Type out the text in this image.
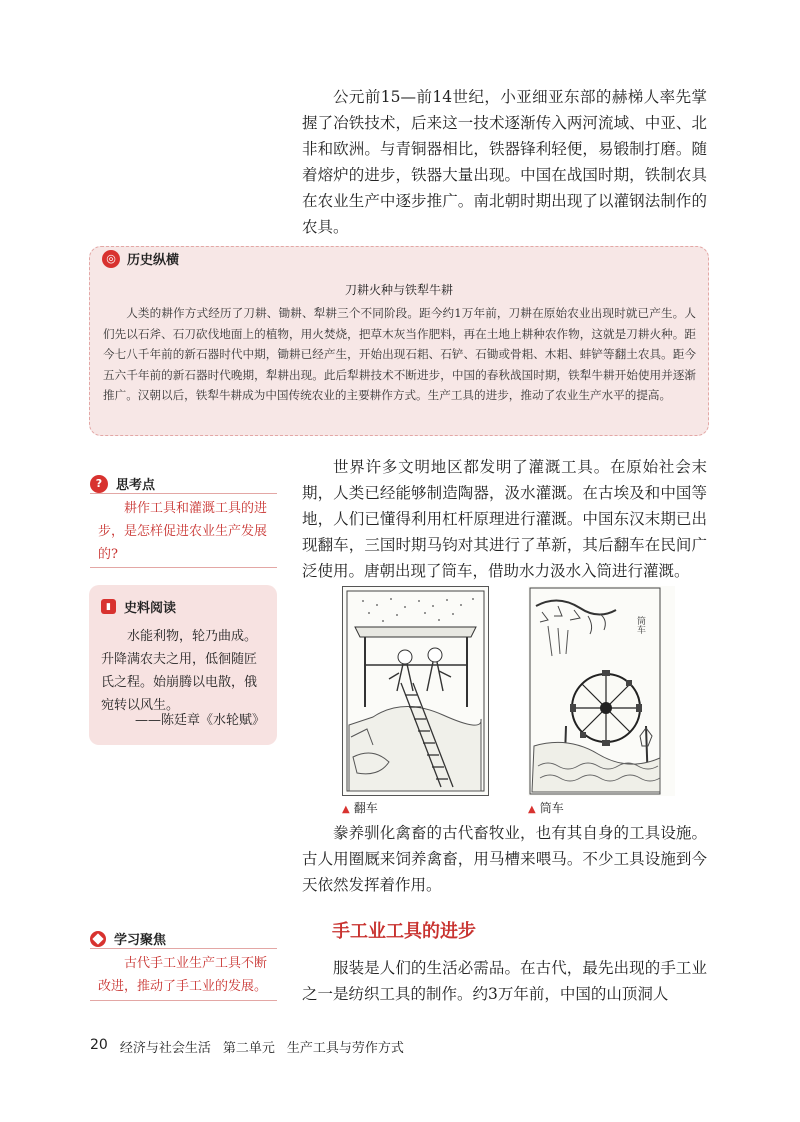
公元前15—前14世纪，小亚细亚东部的赫梯人率先掌握了冶铁技术，后来这一技术逐渐传入两河流域、中亚、北非和欧洲。与青铜器相比，铁器锋利轻便，易锻制打磨。随着熔炉的进步，铁器大量出现。中国在战国时期，铁制农具在农业生产中逐步推广。南北朝时期出现了以灌钢法制作的农具。

◎ 历史纵横
刀耕火种与铁犁牛耕

人类的耕作方式经历了刀耕、锄耕、犁耕三个不同阶段。距今约1万年前，刀耕在原始农业出现时就已产生。人们先以石斧、石刀砍伐地面上的植物，用火焚烧，把草木灰当作肥料，再在土地上耕种农作物，这就是刀耕火种。距今七八千年前的新石器时代中期，锄耕已经产生，开始出现石耜、石铲、石锄或骨耜、木耜、蚌铲等翻土农具。距今五六千年前的新石器时代晚期，犁耕出现。此后犁耕技术不断进步，中国的春秋战国时期，铁犁牛耕开始使用并逐渐推广。汉朝以后，铁犁牛耕成为中国传统农业的主要耕作方式。生产工具的进步，推动了农业生产水平的提高。

世界许多文明地区都发明了灌溉工具。在原始社会末期，人类已经能够制造陶器，汲水灌溉。在古埃及和中国等地，人们已懂得利用杠杆原理进行灌溉。中国东汉末期已出现翻车，三国时期马钧对其进行了革新，其后翻车在民间广泛使用。唐朝出现了筒车，借助水力汲水入筒进行灌溉。

?	思考点

耕作工具和灌溉工具的进步，是怎样促进农业生产发展的?

▮	史料阅读

水能利物，轮乃曲成。升降满农夫之用，低徊随匠氏之程。始崩腾以电散，俄宛转以风生。

——陈廷章《水轮赋》
筒车
▲ 翻车	▲ 筒车

豢养驯化禽畜的古代畜牧业，也有其自身的工具设施。古人用圈厩来饲养禽畜，用马槽来喂马。不少工具设施到今天依然发挥着作用。

手工业工具的进步
学习聚焦

古代手工业生产工具不断改进，推动了手工业的发展。

服装是人们的生活必需品。在古代，最先出现的手工业之一是纺织工具的制作。约3万年前，中国的山顶洞人

20 经济与社会生活 第二单元 生产工具与劳作方式
